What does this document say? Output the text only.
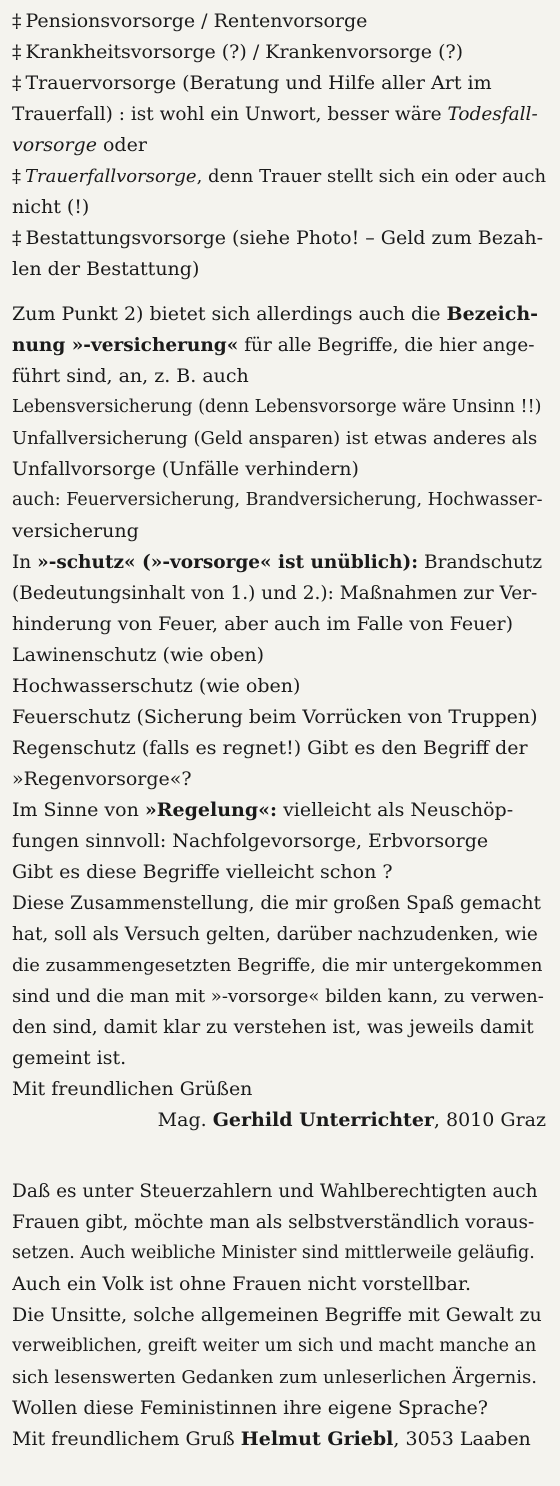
‡ Pensionsvorsorge / Rentenvorsorge
‡ Krankheitsvorsorge (?) / Krankenvorsorge (?)
‡ Trauervorsorge (Beratung und Hilfe aller Art im
Trauerfall) : ist wohl ein Unwort, besser wäre Todesfall-
vorsorge oder
‡ Trauerfallvorsorge, denn Trauer stellt sich ein oder auch
nicht (!)
‡ Bestattungsvorsorge (siehe Photo! – Geld zum Bezah-
len der Bestattung)
Zum Punkt 2) bietet sich allerdings auch die Bezeich-
nung »-versicherung« für alle Begriffe, die hier ange-
führt sind, an, z. B. auch
Lebensversicherung (denn Lebensvorsorge wäre Unsinn !!)
Unfallversicherung (Geld ansparen) ist etwas anderes als
Unfallvorsorge (Unfälle verhindern)
auch: Feuerversicherung, Brandversicherung, Hochwasser-
versicherung
In »-schutz« (»-vorsorge« ist unüblich): Brandschutz
(Bedeutungsinhalt von 1.) und 2.): Maßnahmen zur Ver-
hinderung von Feuer, aber auch im Falle von Feuer)
Lawinenschutz (wie oben)
Hochwasserschutz (wie oben)
Feuerschutz (Sicherung beim Vorrücken von Truppen)
Regenschutz (falls es regnet!) Gibt es den Begriff der
»Regenvorsorge«?
Im Sinne von »Regelung«: vielleicht als Neuschöp-
fungen sinnvoll: Nachfolgevorsorge, Erbvorsorge
Gibt es diese Begriffe vielleicht schon ?
Diese Zusammenstellung, die mir großen Spaß gemacht
hat, soll als Versuch gelten, darüber nachzudenken, wie
die zusammengesetzten Begriffe, die mir untergekommen
sind und die man mit »-vorsorge« bilden kann, zu verwen-
den sind, damit klar zu verstehen ist, was jeweils damit
gemeint ist.
Mit freundlichen Grüßen
Mag. Gerhild Unterrichter, 8010 Graz
Daß es unter Steuerzahlern und Wahlberechtigten auch
Frauen gibt, möchte man als selbstverständlich voraus-
setzen. Auch weibliche Minister sind mittlerweile geläufig.
Auch ein Volk ist ohne Frauen nicht vorstellbar.
Die Unsitte, solche allgemeinen Begriffe mit Gewalt zu
verweiblichen, greift weiter um sich und macht manche an
sich lesenswerten Gedanken zum unleserlichen Ärgernis.
Wollen diese Feministinnen ihre eigene Sprache?
Mit freundlichem Gruß Helmut Griebl, 3053 Laaben
